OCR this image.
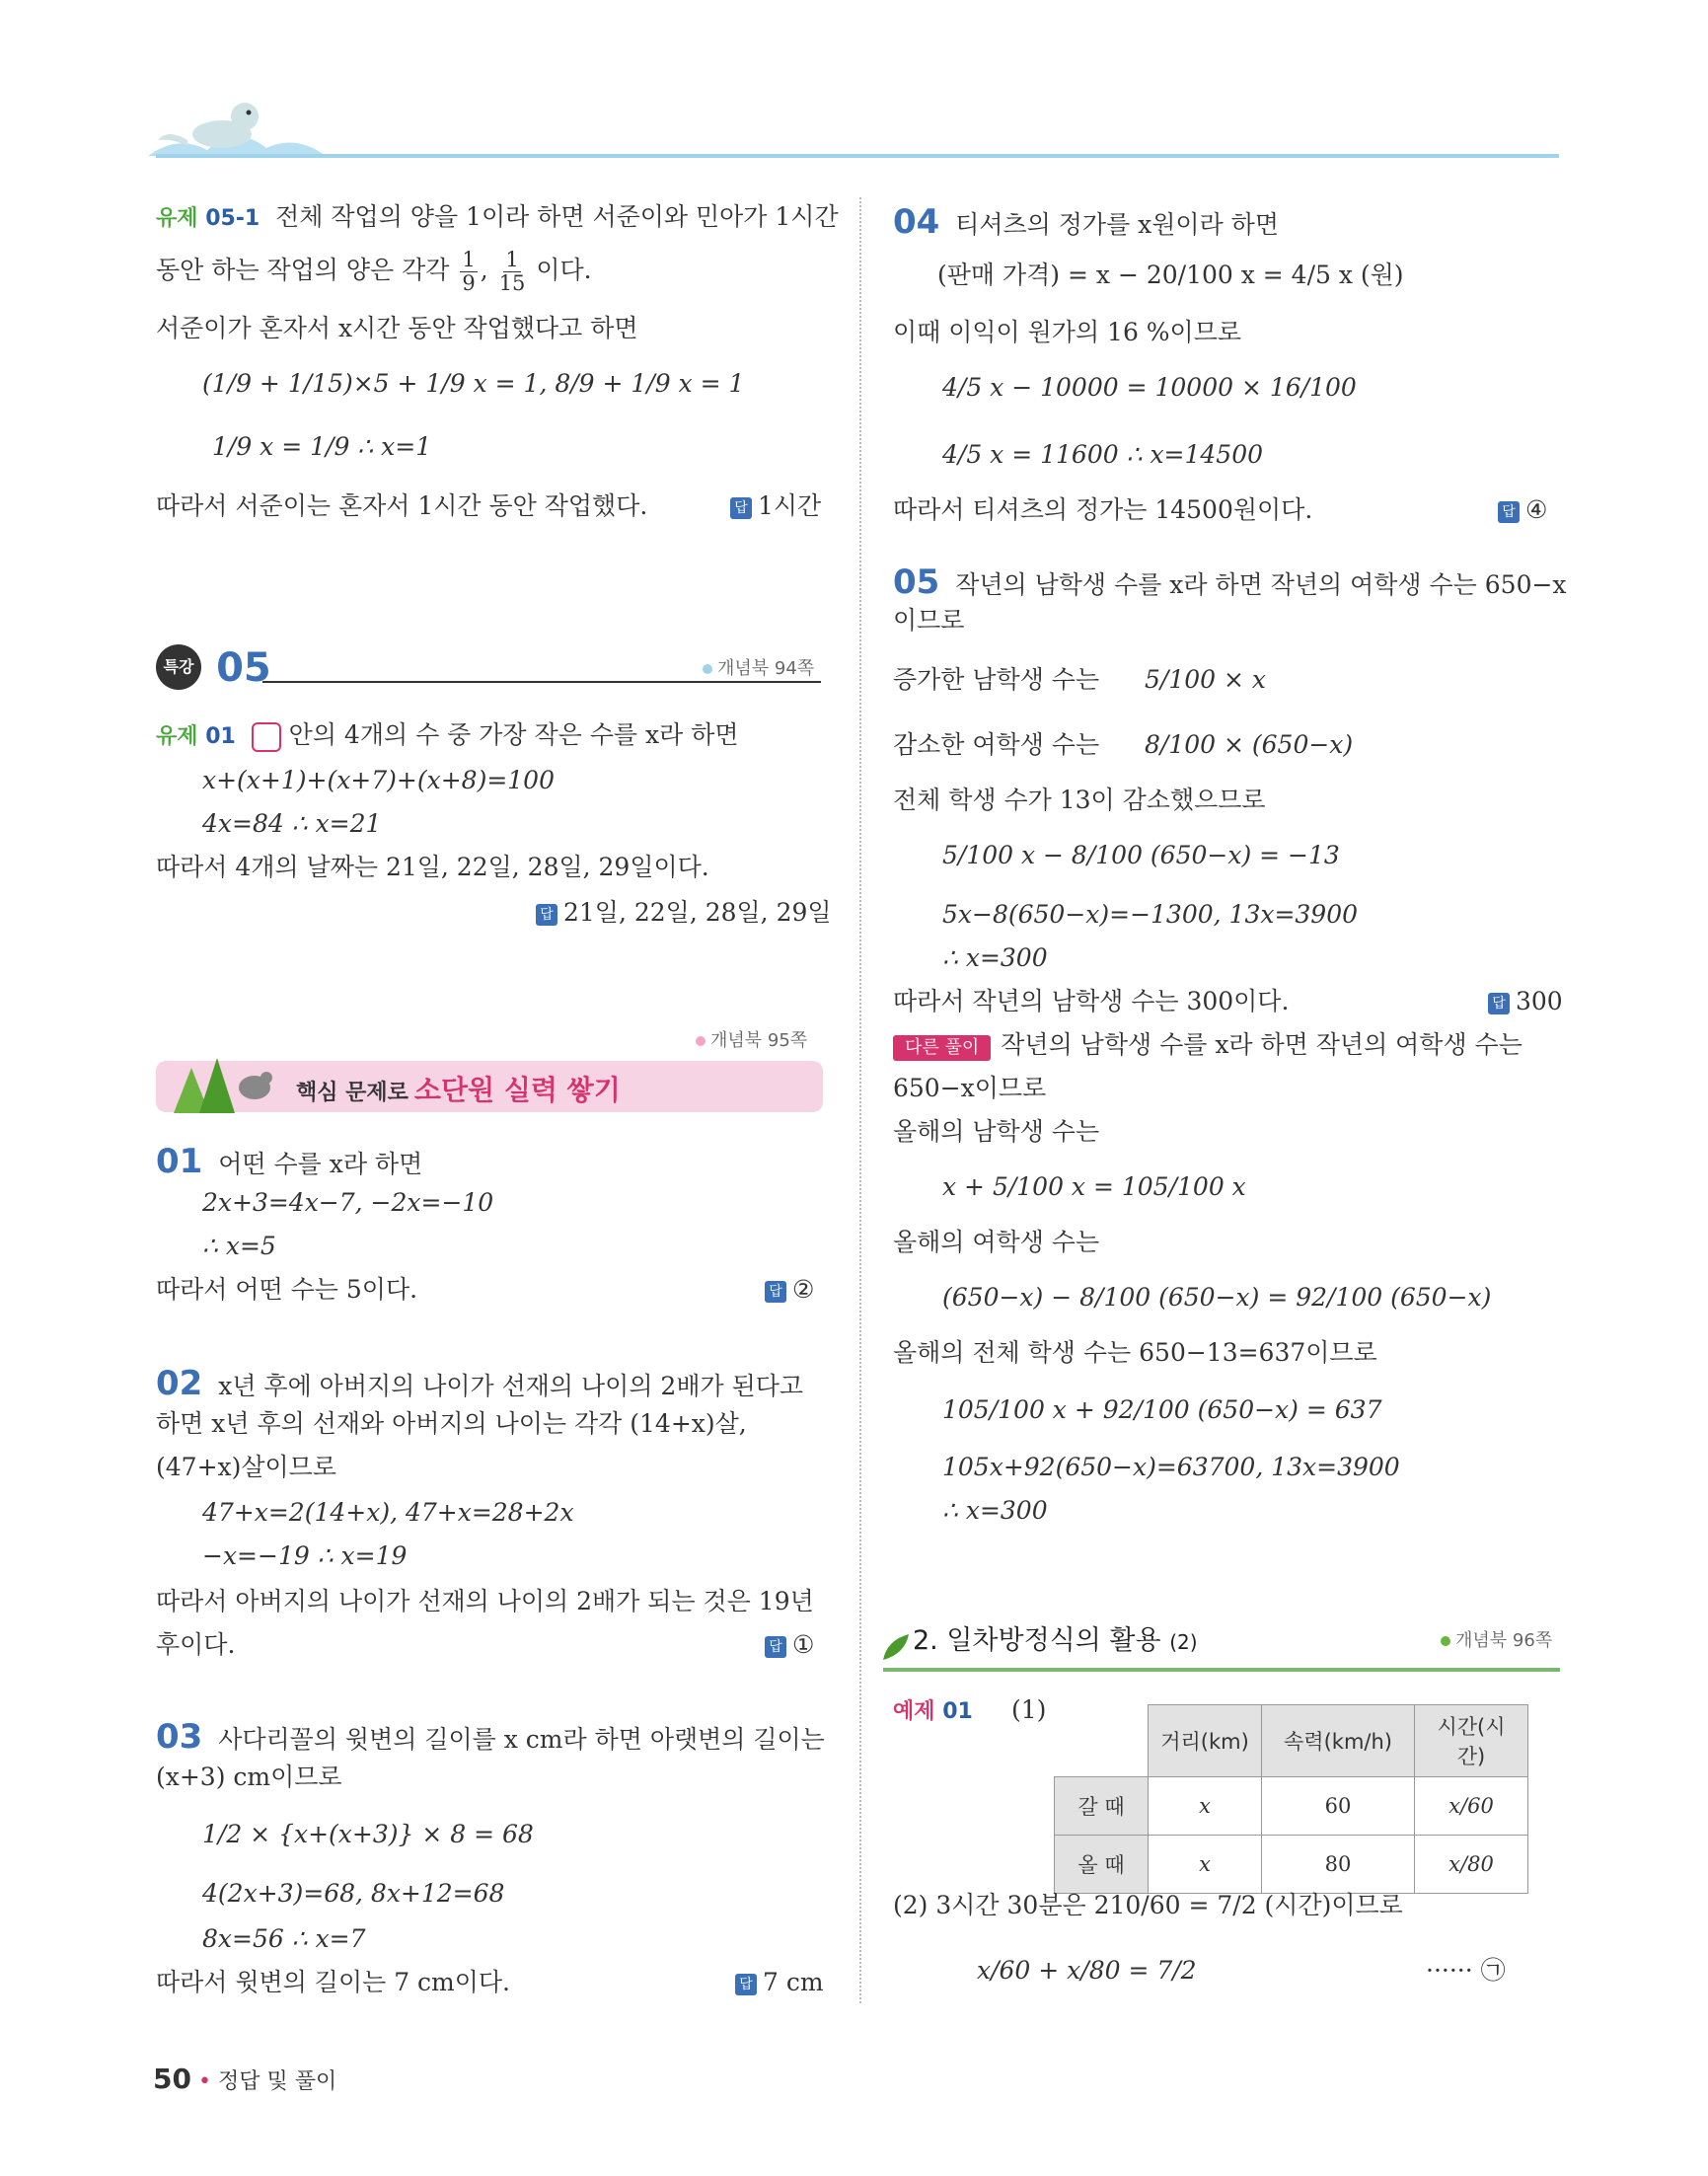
유제 05-1 전체 작업의 양을 1이라 하면 서준이와 민아가 1시간
동안 하는 작업의 양은 각각 $\frac{1}{9}$ , $\frac{1}{15}$ 이다.
서준이가 혼자서 x시간 동안 작업했다고 하면
(1/9 + 1/15)×5 + 1/9 x = 1, 8/9 + 1/9 x = 1
1/9 x = 1/9 ∴ x=1
따라서 서준이는 혼자서 1시간 동안 작업했다.	답 1시간
특강 05	개념북 94쪽
유제 01 안의 4개의 수 중 가장 작은 수를 x라 하면
x+(x+1)+(x+7)+(x+8)=100
4x=84 ∴ x=21
따라서 4개의 날짜는 21일, 22일, 28일, 29일이다.
답 21일, 22일, 28일, 29일
개념북 95쪽
핵심 문제로 소단원 실력 쌓기
01 어떤 수를 x라 하면
2x+3=4x−7, −2x=−10
∴ x=5
따라서 어떤 수는 5이다.	답 ②
02 x년 후에 아버지의 나이가 선재의 나이의 2배가 된다고
하면 x년 후의 선재와 아버지의 나이는 각각 (14+x)살,
(47+x)살이므로
47+x=2(14+x), 47+x=28+2x
−x=−19 ∴ x=19
따라서 아버지의 나이가 선재의 나이의 2배가 되는 것은 19년
후이다.	답 ①
03 사다리꼴의 윗변의 길이를 x cm라 하면 아랫변의 길이는
(x+3) cm이므로
1/2 × {x+(x+3)} × 8 = 68
4(2x+3)=68, 8x+12=68
8x=56 ∴ x=7
따라서 윗변의 길이는 7 cm이다.	답 7 cm
04 티셔츠의 정가를 x원이라 하면
(판매 가격) = x − 20/100 x = 4/5 x (원)
이때 이익이 원가의 16 %이므로
4/5 x − 10000 = 10000 × 16/100
4/5 x = 11600 ∴ x=14500
따라서 티셔츠의 정가는 14500원이다.	답 ④
05 작년의 남학생 수를 x라 하면 작년의 여학생 수는 650−x
이므로
증가한 남학생 수는 5/100 × x
감소한 여학생 수는 8/100 × (650−x)
전체 학생 수가 13이 감소했으므로
5/100 x − 8/100 (650−x) = −13
5x−8(650−x)=−1300, 13x=3900
∴ x=300
따라서 작년의 남학생 수는 300이다.	답 300
다른 풀이 작년의 남학생 수를 x라 하면 작년의 여학생 수는
650−x이므로
올해의 남학생 수는
x + 5/100 x = 105/100 x
올해의 여학생 수는
(650−x) − 8/100 (650−x) = 92/100 (650−x)
올해의 전체 학생 수는 650−13=637이므로
105/100 x + 92/100 (650−x) = 637
105x+92(650−x)=63700, 13x=3900
∴ x=300
2. 일차방정식의 활용 (2)	개념북 96쪽
예제 01 (1)
	거리(km)	속력(km/h)	시간(시간)
갈 때	x	60	x/60
올 때	x	80	x/80
(2) 3시간 30분은 210/60 = 7/2 (시간)이므로
x/60 + x/80 = 7/2	······ ㉠
50 • 정답 및 풀이
